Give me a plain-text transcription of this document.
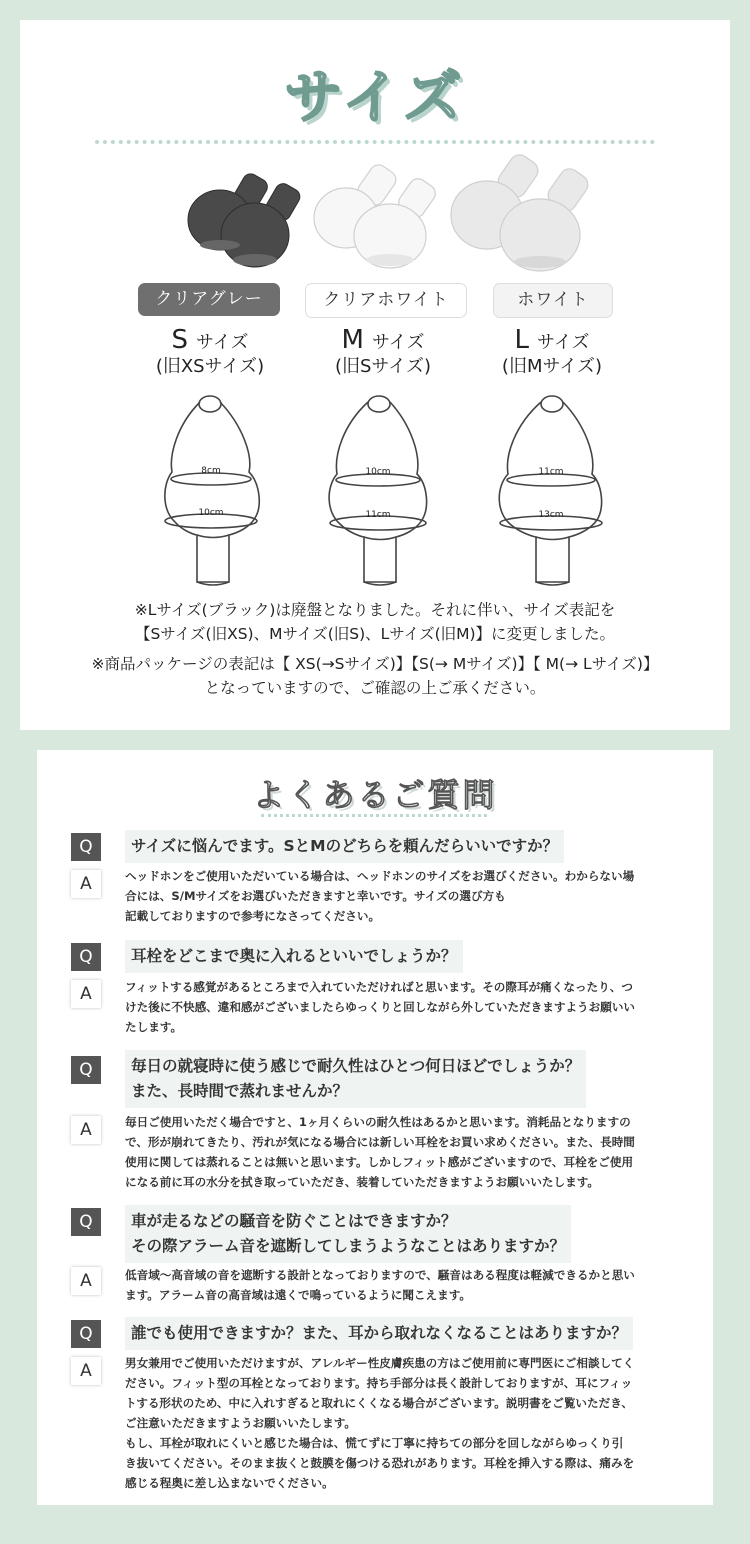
サイズ
クリアグレー	クリアホワイト	ホワイト
S サイズ
(旧XSサイズ)
M サイズ
(旧Sサイズ)
L サイズ
(旧Mサイズ)
8cm
10cm
10cm
11cm
11cm
13cm
※Lサイズ(ブラック)は廃盤となりました。それに伴い、サイズ表記を
【Sサイズ(旧XS)、Mサイズ(旧S)、Lサイズ(旧M)】に変更しました。
※商品パッケージの表記は【 XS(→Sサイズ)】【S(→ Mサイズ)】【 M(→ Lサイズ)】
となっていますので、ご確認の上ご承ください。
よくあるご質問
Q	サイズに悩んでます。SとMのどちらを頼んだらいいですか？
A	ヘッドホンをご使用いただいている場合は、ヘッドホンのサイズをお選びください。わからない場
合には、S/Mサイズをお選びいただきますと幸いです。サイズの選び方も
記載しておりますので参考になさってください。
Q	耳栓をどこまで奥に入れるといいでしょうか？
A	フィットする感覚があるところまで入れていただければと思います。その際耳が痛くなったり、つ
けた後に不快感、違和感がございましたらゆっくりと回しながら外していただきますようお願いい
たします。
Q	毎日の就寝時に使う感じで耐久性はひとつ何日ほどでしょうか？
また、長時間で蒸れませんか？
A	毎日ご使用いただく場合ですと、1ヶ月くらいの耐久性はあるかと思います。消耗品となりますの
で、形が崩れてきたり、汚れが気になる場合には新しい耳栓をお買い求めください。また、長時間
使用に関しては蒸れることは無いと思います。しかしフィット感がございますので、耳栓をご使用
になる前に耳の水分を拭き取っていただき、装着していただきますようお願いいたします。
Q	車が走るなどの騒音を防ぐことはできますか？
その際アラーム音を遮断してしまうようなことはありますか？
A	低音域〜高音域の音を遮断する設計となっておりますので、騒音はある程度は軽減できるかと思い
ます。アラーム音の高音域は遠くで鳴っているように聞こえます。
Q	誰でも使用できますか？また、耳から取れなくなることはありますか？
A	男女兼用でご使用いただけますが、アレルギー性皮膚疾患の方はご使用前に専門医にご相談してく
ださい。フィット型の耳栓となっております。持ち手部分は長く設計しておりますが、耳にフィッ
トする形状のため、中に入れすぎると取れにくくなる場合がございます。説明書をご覧いただき、
ご注意いただきますようお願いいたします。
もし、耳栓が取れにくいと感じた場合は、慌てずに丁寧に持ちての部分を回しながらゆっくり引
き抜いてください。そのまま抜くと鼓膜を傷つける恐れがあります。耳栓を挿入する際は、痛みを
感じる程奥に差し込まないでください。
